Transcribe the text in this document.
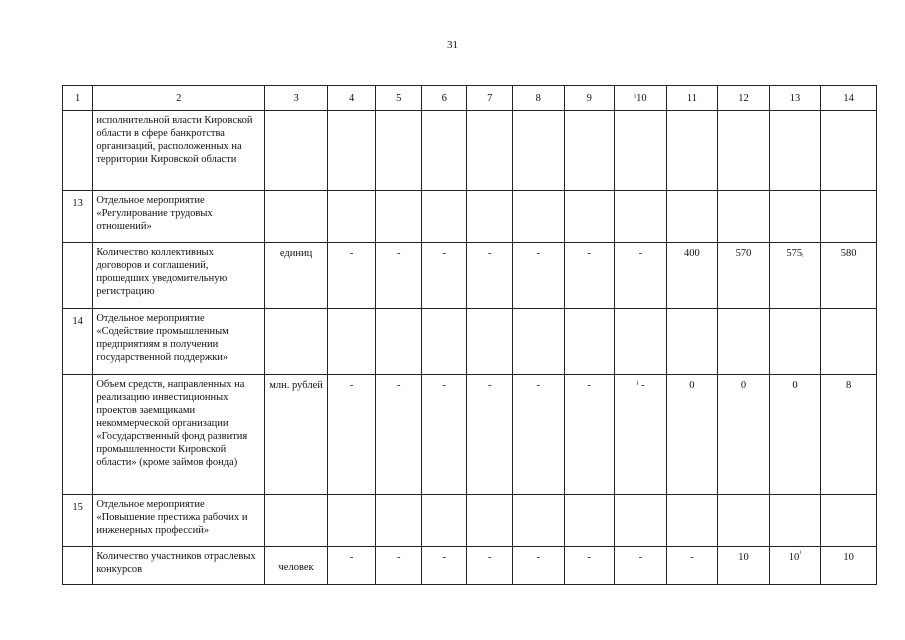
31
1	2	3	4	5	6	7	8	9	ⁱ10	11	12	13	14
	исполнительной власти Кировской области в сфере банкротства организаций, расположенных на территории Кировской области												
13	Отдельное мероприятие «Регулирование трудовых отношений»												
	Количество коллективных договоров и соглашений, прошедших уведомительную регистрацию	единиц	-	-	-	-	-	-	-	400	570	$575_{^i}$	580
14	Отдельное мероприятие «Содействие промышленным предприятиям в получении государственной поддержки»												
	Объем средств, направленных на реализацию инвестиционных проектов заемщиками некоммерческой организации «Государственный фонд развития промышленности Кировской области» (кроме займов фонда)	млн. рублей	-	-	-	-	-	-	ⁱ -	0	0	0	8
15	Отдельное мероприятие «Повышение престижа рабочих и инженерных профессий»												
	Количество участников отраслевых конкурсов	человек	-	-	-	-	-	-	-	-	10	$10^{^1}$	10
